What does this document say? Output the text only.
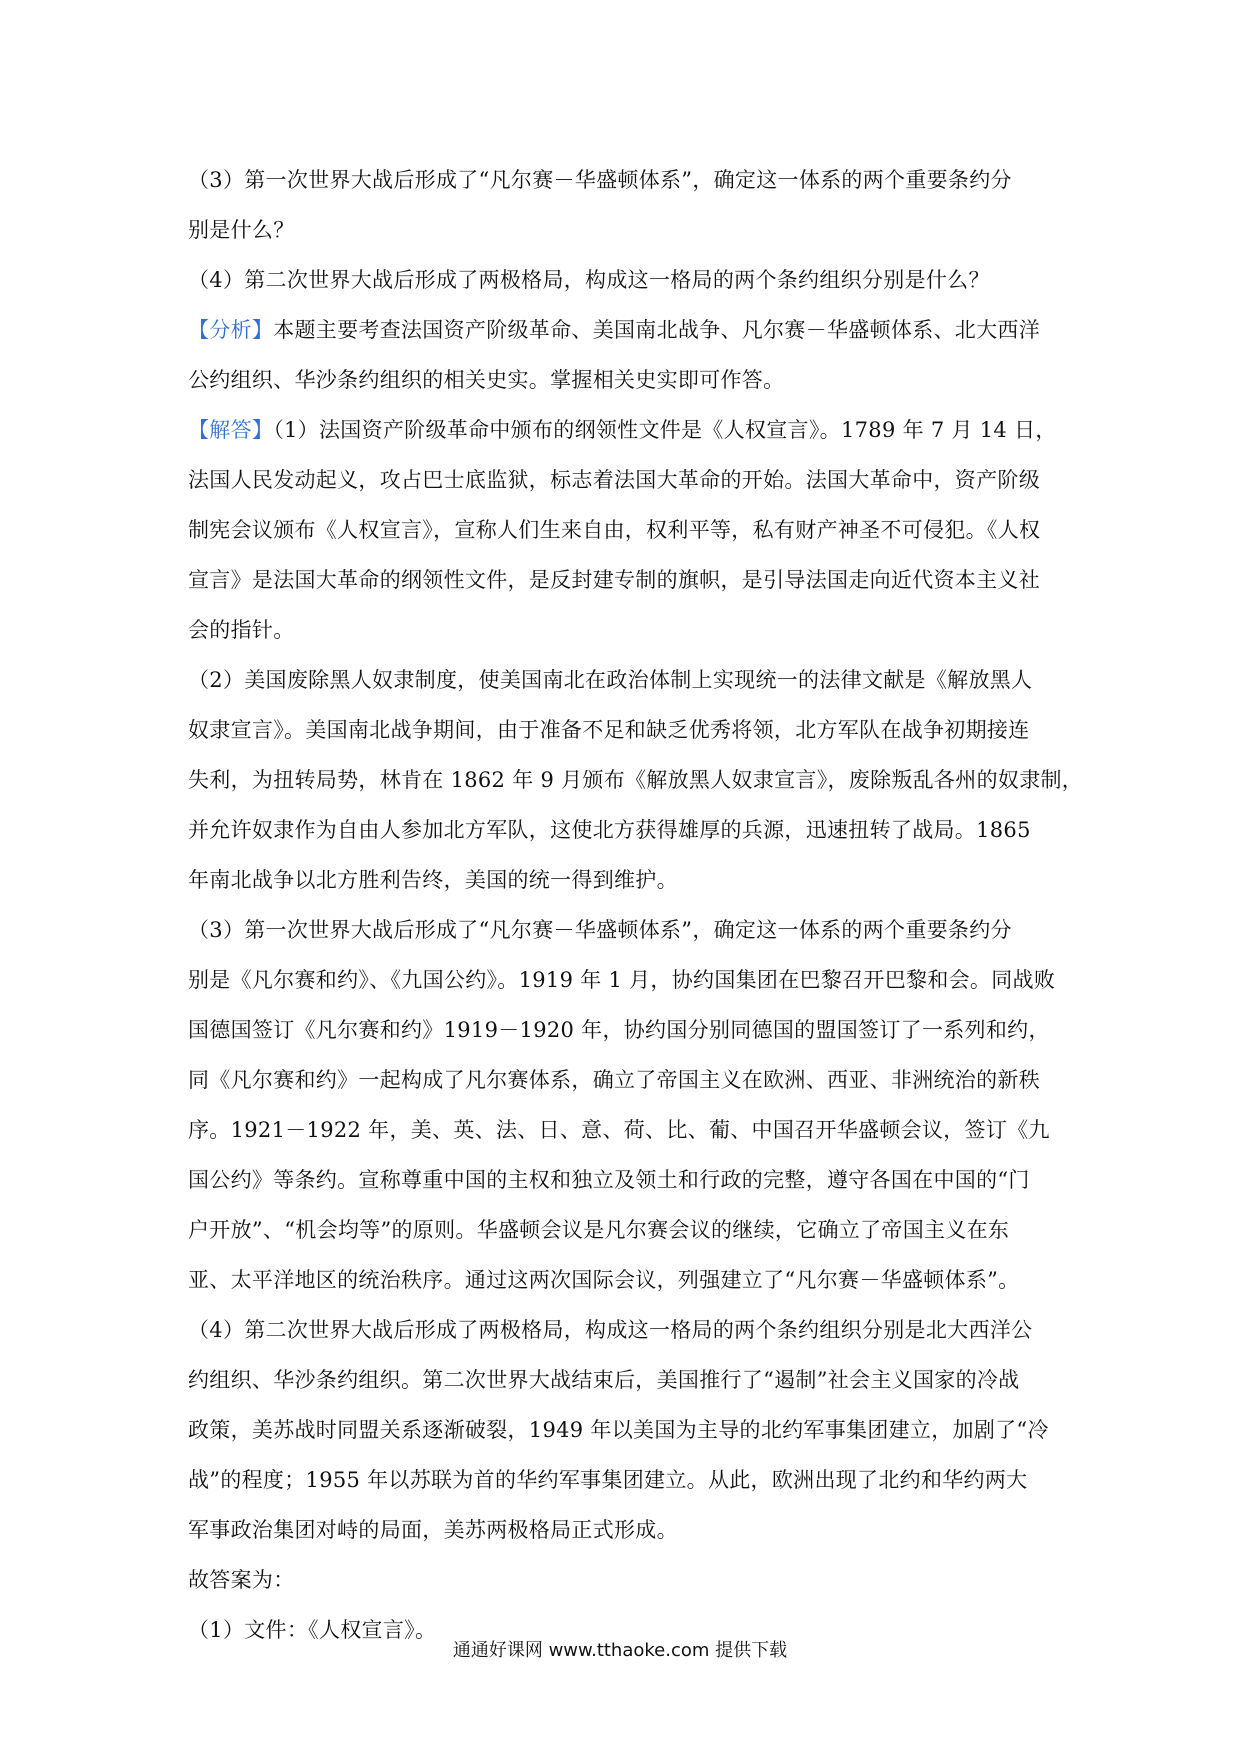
（3）第一次世界大战后形成了“凡尔赛－华盛顿体系”，确定这一体系的两个重要条约分
别是什么？

（4）第二次世界大战后形成了两极格局，构成这一格局的两个条约组织分别是什么？

【分析】本题主要考查法国资产阶级革命、美国南北战争、凡尔赛－华盛顿体系、北大西洋
公约组织、华沙条约组织的相关史实。掌握相关史实即可作答。

【解答】（1）法国资产阶级革命中颁布的纲领性文件是《人权宣言》。1789 年 7 月 14 日，
法国人民发动起义，攻占巴士底监狱，标志着法国大革命的开始。法国大革命中，资产阶级
制宪会议颁布《人权宣言》，宣称人们生来自由，权利平等，私有财产神圣不可侵犯。《人权
宣言》是法国大革命的纲领性文件，是反封建专制的旗帜，是引导法国走向近代资本主义社
会的指针。

（2）美国废除黑人奴隶制度，使美国南北在政治体制上实现统一的法律文献是《解放黑人
奴隶宣言》。美国南北战争期间，由于准备不足和缺乏优秀将领，北方军队在战争初期接连
失利，为扭转局势，林肯在 1862 年 9 月颁布《解放黑人奴隶宣言》，废除叛乱各州的奴隶制，
并允许奴隶作为自由人参加北方军队，这使北方获得雄厚的兵源，迅速扭转了战局。1865
年南北战争以北方胜利告终，美国的统一得到维护。

（3）第一次世界大战后形成了“凡尔赛－华盛顿体系”，确定这一体系的两个重要条约分
别是《凡尔赛和约》、《九国公约》。1919 年 1 月，协约国集团在巴黎召开巴黎和会。同战败
国德国签订《凡尔赛和约》1919－1920 年，协约国分别同德国的盟国签订了一系列和约，
同《凡尔赛和约》一起构成了凡尔赛体系，确立了帝国主义在欧洲、西亚、非洲统治的新秩
序。1921－1922 年，美、英、法、日、意、荷、比、葡、中国召开华盛顿会议，签订《九
国公约》等条约。宣称尊重中国的主权和独立及领土和行政的完整，遵守各国在中国的“门
户开放”、“机会均等”的原则。华盛顿会议是凡尔赛会议的继续，它确立了帝国主义在东
亚、太平洋地区的统治秩序。通过这两次国际会议，列强建立了“凡尔赛－华盛顿体系”。

（4）第二次世界大战后形成了两极格局，构成这一格局的两个条约组织分别是北大西洋公
约组织、华沙条约组织。第二次世界大战结束后，美国推行了“遏制”社会主义国家的冷战
政策，美苏战时同盟关系逐渐破裂，1949 年以美国为主导的北约军事集团建立，加剧了“冷
战”的程度；1955 年以苏联为首的华约军事集团建立。从此，欧洲出现了北约和华约两大
军事政治集团对峙的局面，美苏两极格局正式形成。

故答案为：

（1）文件：《人权宣言》。

通通好课网 www.tthaoke.com 提供下载
